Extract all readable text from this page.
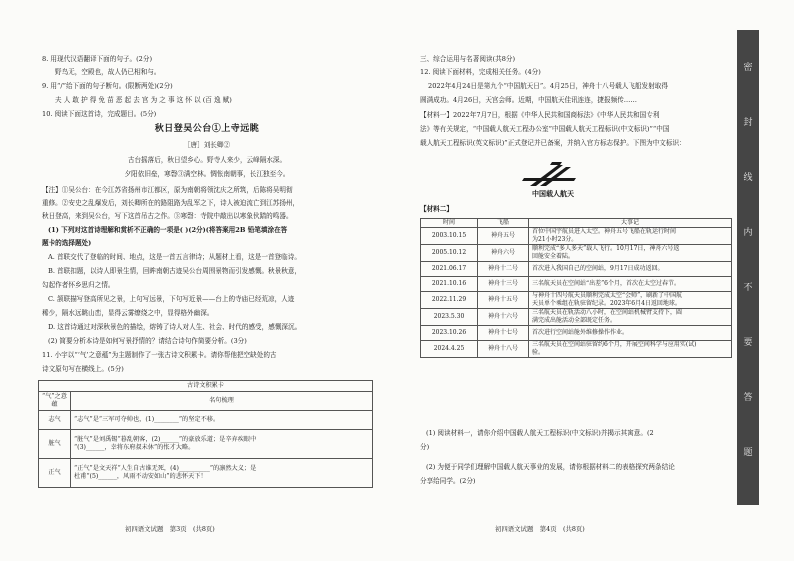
8. 用现代汉语翻译下面的句子。(2分)
野鸟无，空殿也，故人仍已相和与。
9. 用“/”给下面的句子断句。(限断两处)(2分)
夫 人 敢 护 得 免 苗 恶 起 去 宫 为 之 事 这 怀 以 (百 逸 赋)
10. 阅读下面这首诗，完成题目。(5分)
秋日登吴公台①上寺远眺
［唐］刘长卿②
古台摇落后，秋日望乡心。野寺人来少，云峰隔水深。
夕阳依旧垒，寒磬③满空林。惆怅南朝事，长江独至今。
【注】①吴公台：在今江苏省扬州市江都区，原为南朝将领沈庆之所筑，后陈将吴明彻
重修。②安史之乱爆发后，刘长卿所在的路阻路为乱军之下，诗人被迫流亡到江苏扬州，
秋日登高，来到吴公台，写下这首吊古之作。③寒磬：寺院中敲出以寒象伙踏的鸣器。
(1) 下列对这首诗理解和赏析不正确的一项是( )(2分)(将答案用2B 铅笔填涂在答
题卡的选择题处)
A. 首联交代了登临的时间、地点，这是一首五言律诗；从题材上看，这是一首登临诗。
B. 首联扣题，以诗人即景生情，回眸南朝古迹吴公台周围景物而引发感慨。秋景秋意，
勾起作者怀乡思归之情。
C. 颔联描写登高所见之景，上句写远景，下句写近景——台上的寺庙已经荒凉，人迹
稀少，隔水远眺山峦，显得云雾缭绕之中，显得格外幽深。
D. 这首诗通过对深秋景色的描绘，熔铸了诗人对人生、社会、时代的感受，感慨深沉。
(2) 简要分析本诗是如何写景抒情的？请结合诗句作简要分析。(3分)
11. 小宇以“‘气’之意蕴”为主题制作了一张古诗文积累卡。请你帮他把空缺处的古
诗文原句写在横线上。(5分)
古诗文积累卡	
“气”之意蕴	名句梳理
志气	“志气”是“三军可夺帅也，(1)________”的坚定不移。
脏气	“脏气”是刘禹锡“暮乱朝客，(2)______”的豪放乐道；是辛弃疾眼中
“(3)______，幸将东府叔未休”的怅才大略。

正气	“正气”是文天祥“人生自古谁无死，(4)__________”的凛然大义；是
杜甫“(5)______，风雨不动安如山”的悲怀天下！
初四语文试题　第3页　(共8页)
三、综合运用与名著阅读(共8分)
12. 阅读下面材料，完成相关任务。(4分)
2022年4月24日是第九个“中国航天日”。4月25日，神舟十八号载人飞船发射取得
圆满成功。4月26日，天宫会师。近期，中国航天佳讯连连，捷报频传……
【材料一】2022年7月7日，根据《中华人民共和国商标法》《中华人民共和国专利
法》等有关规定，“中国载人航天工程办公室”中国载人航天工程标识(中文标识)”“中国
载人航天工程标识(英文标识)”正式登记并已备案，并纳入官方标志保护。下图为中文标识：
中国载人航天
【材料二】
时间	飞船	大事记
2003.10.15	神舟五号	首位中国宇航员进入太空。神舟五号飞船在轨运行时间
为21小时23分。

2005.10.12	神舟六号	顺利完成“多人多天”载人飞行。10月17日，神舟六号返
回舱安全着陆。

2021.06.17	神舟十二号	首次进入我国自己的空间站，9月17日成功返回。
2021.10.16	神舟十三号	三名航天员在空间站“出差”6个月，首次在太空过春节。
2022.11.29	神舟十五号	与神舟十四号航天员顺利完成太空“会师”，刷新了中国航
天员单个乘组在轨驻留纪录。2023年6月4日返回地球。

2023.5.30	神舟十六号	三名航天员在轨活动八小时，在空间站机械臂支持下，圆
满完成出舱活动全部既定任务。

2023.10.26	神舟十七号	首次进行空间站舱外维修操作作业。
2024.4.25	神舟十八号	三名航天员在空间站驻留约6个月，开展空间科学与应用实(试)
验。
(1) 阅读材料一，请你介绍中国载人航天工程标识(中文标识)并揭示其寓意。(2
分)
(2) 为便于同学们理解中国载人航天事业的发展，请你根据材料二的表格探究两条结论
分享给同学。(2分)
初四语文试题　第4页　(共8页)
密
封
线
内
不
要
答
题
